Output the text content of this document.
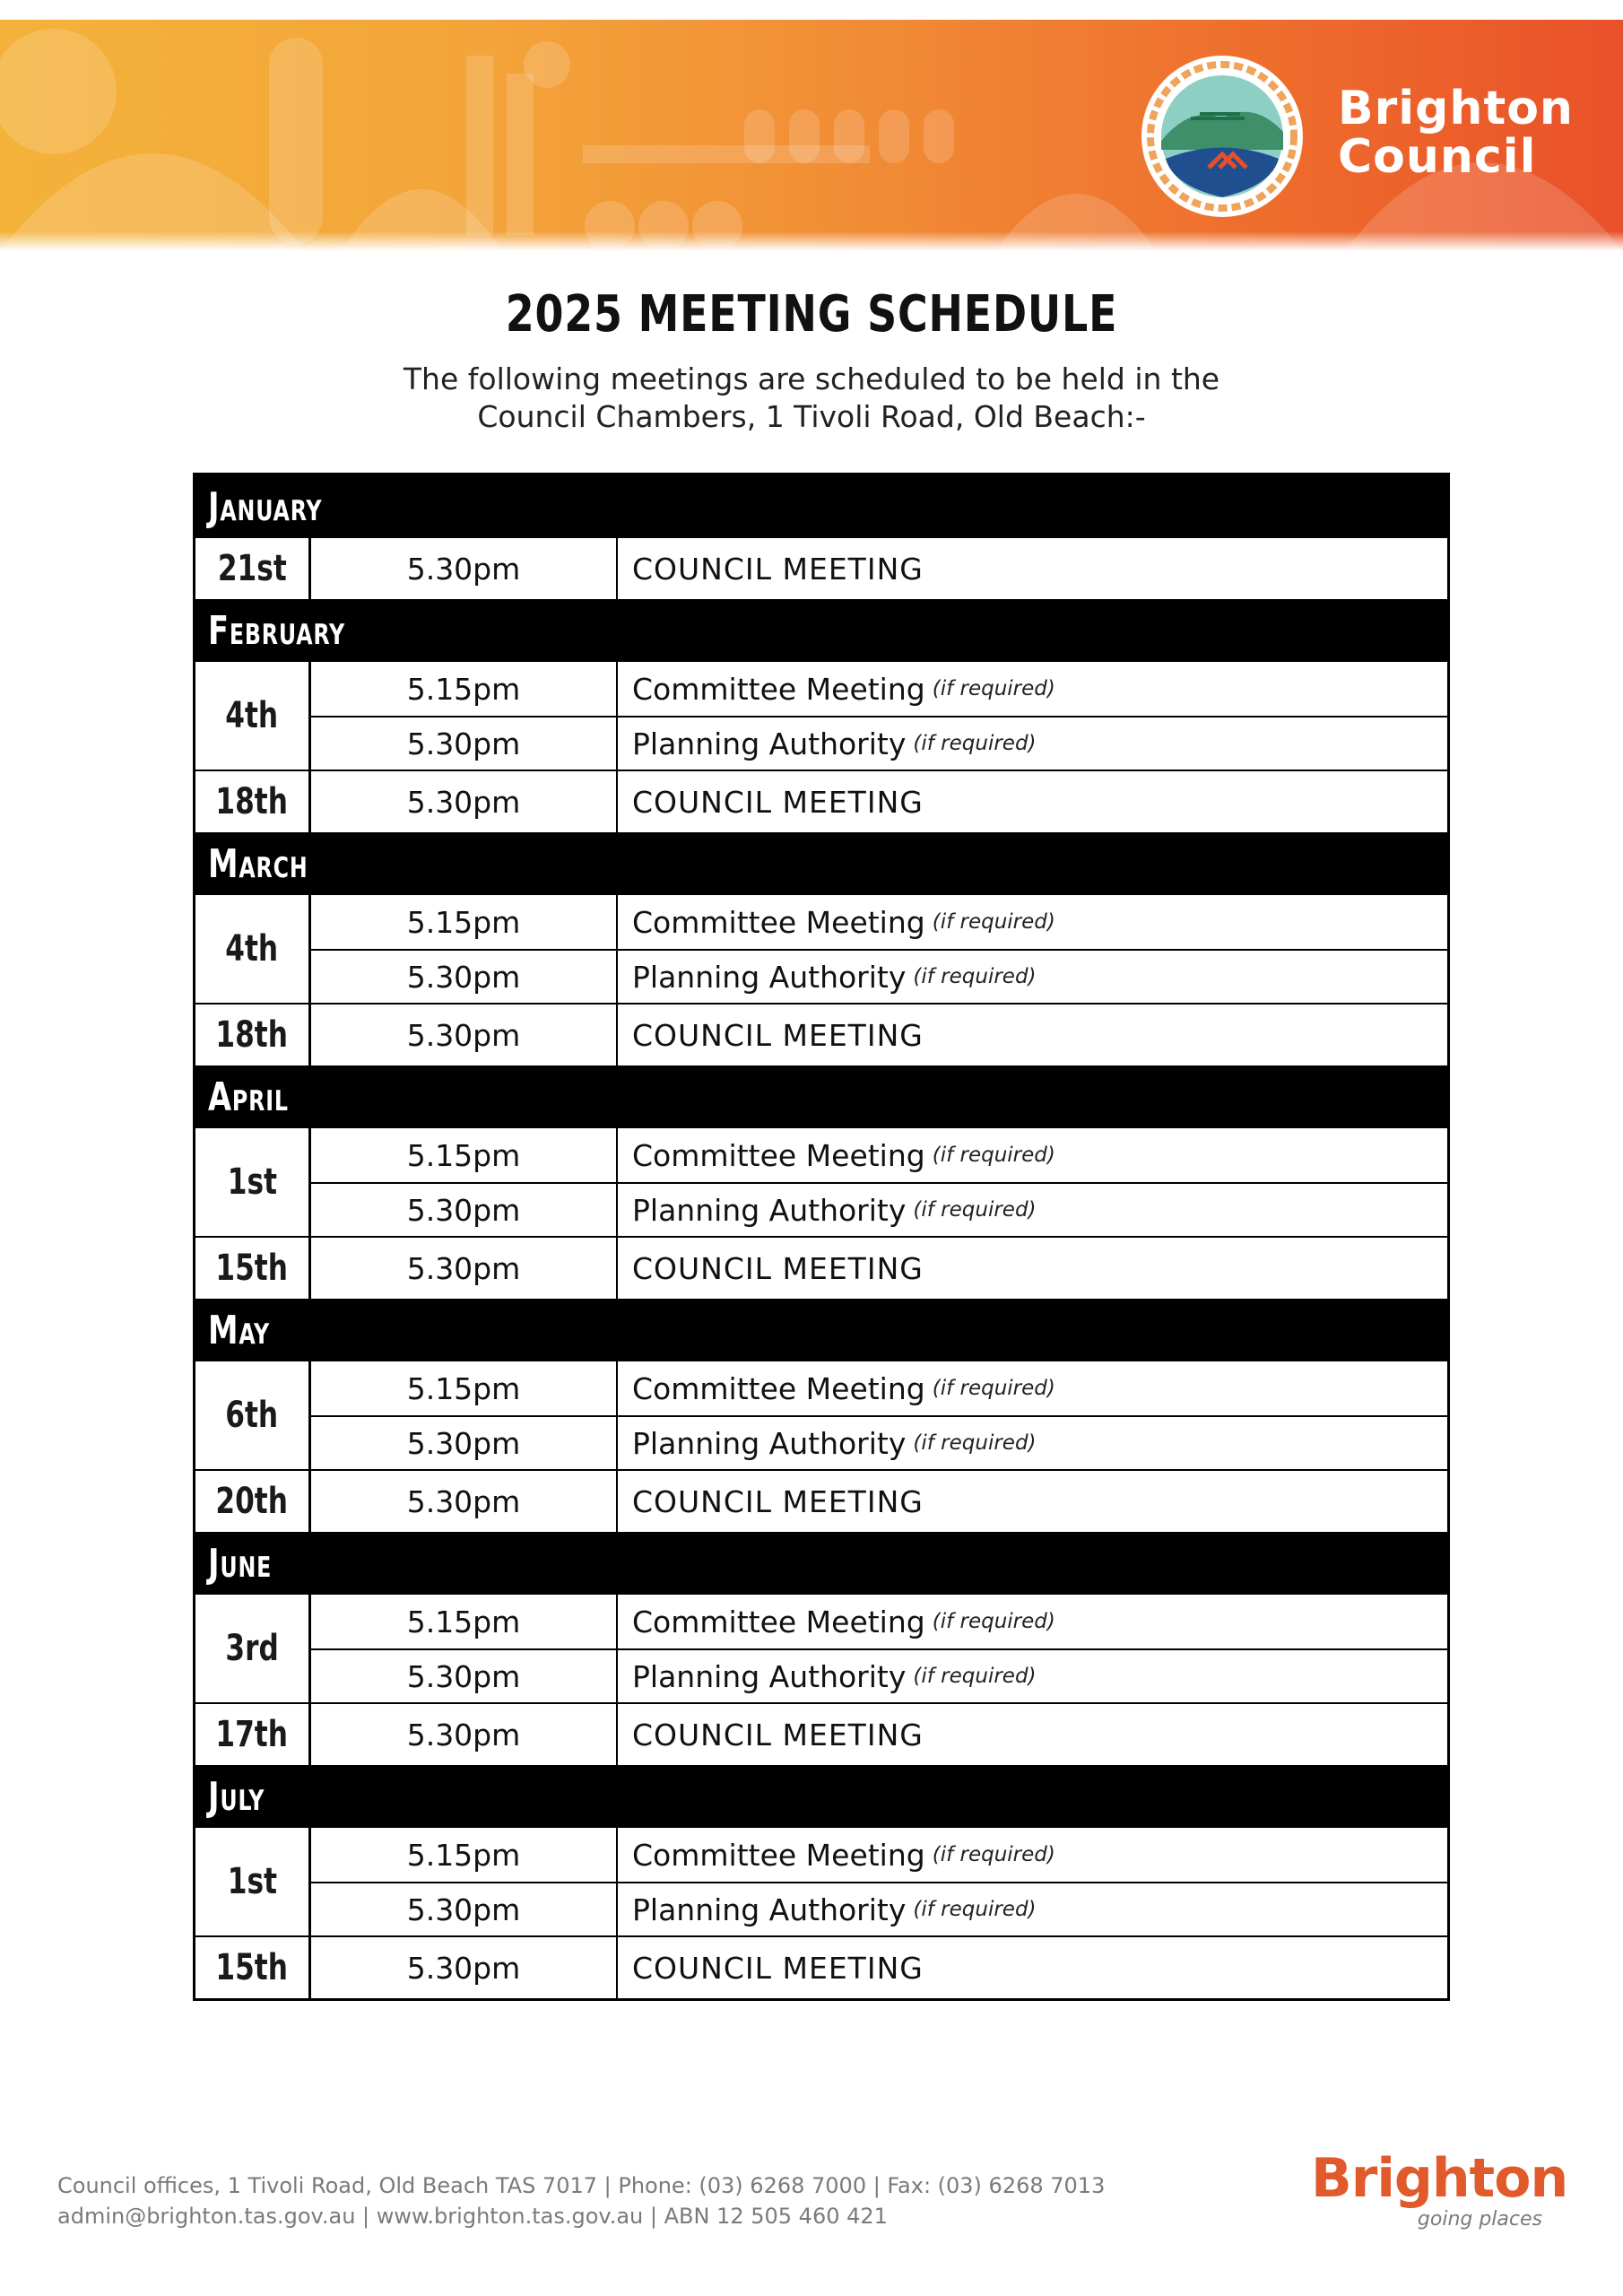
Brighton
Council
2025 MEETING SCHEDULE
The following meetings are scheduled to be held in the
Council Chambers, 1 Tivoli Road, Old Beach:-
January
21st	5.30pm	COUNCIL MEETING
February
4th
5.15pm	Committee Meeting (if required)
5.30pm	Planning Authority (if required)
18th	5.30pm	COUNCIL MEETING
March
4th
5.15pm	Committee Meeting (if required)
5.30pm	Planning Authority (if required)
18th	5.30pm	COUNCIL MEETING
April
1st
5.15pm	Committee Meeting (if required)
5.30pm	Planning Authority (if required)
15th	5.30pm	COUNCIL MEETING
May
6th
5.15pm	Committee Meeting (if required)
5.30pm	Planning Authority (if required)
20th	5.30pm	COUNCIL MEETING
June
3rd
5.15pm	Committee Meeting (if required)
5.30pm	Planning Authority (if required)
17th	5.30pm	COUNCIL MEETING
July
1st
5.15pm	Committee Meeting (if required)
5.30pm	Planning Authority (if required)
15th	5.30pm	COUNCIL MEETING
Council offices, 1 Tivoli Road, Old Beach TAS 7017 | Phone: (03) 6268 7000 | Fax: (03) 6268 7013
admin@brighton.tas.gov.au | www.brighton.tas.gov.au | ABN 12 505 460 421
Brighton
going places
